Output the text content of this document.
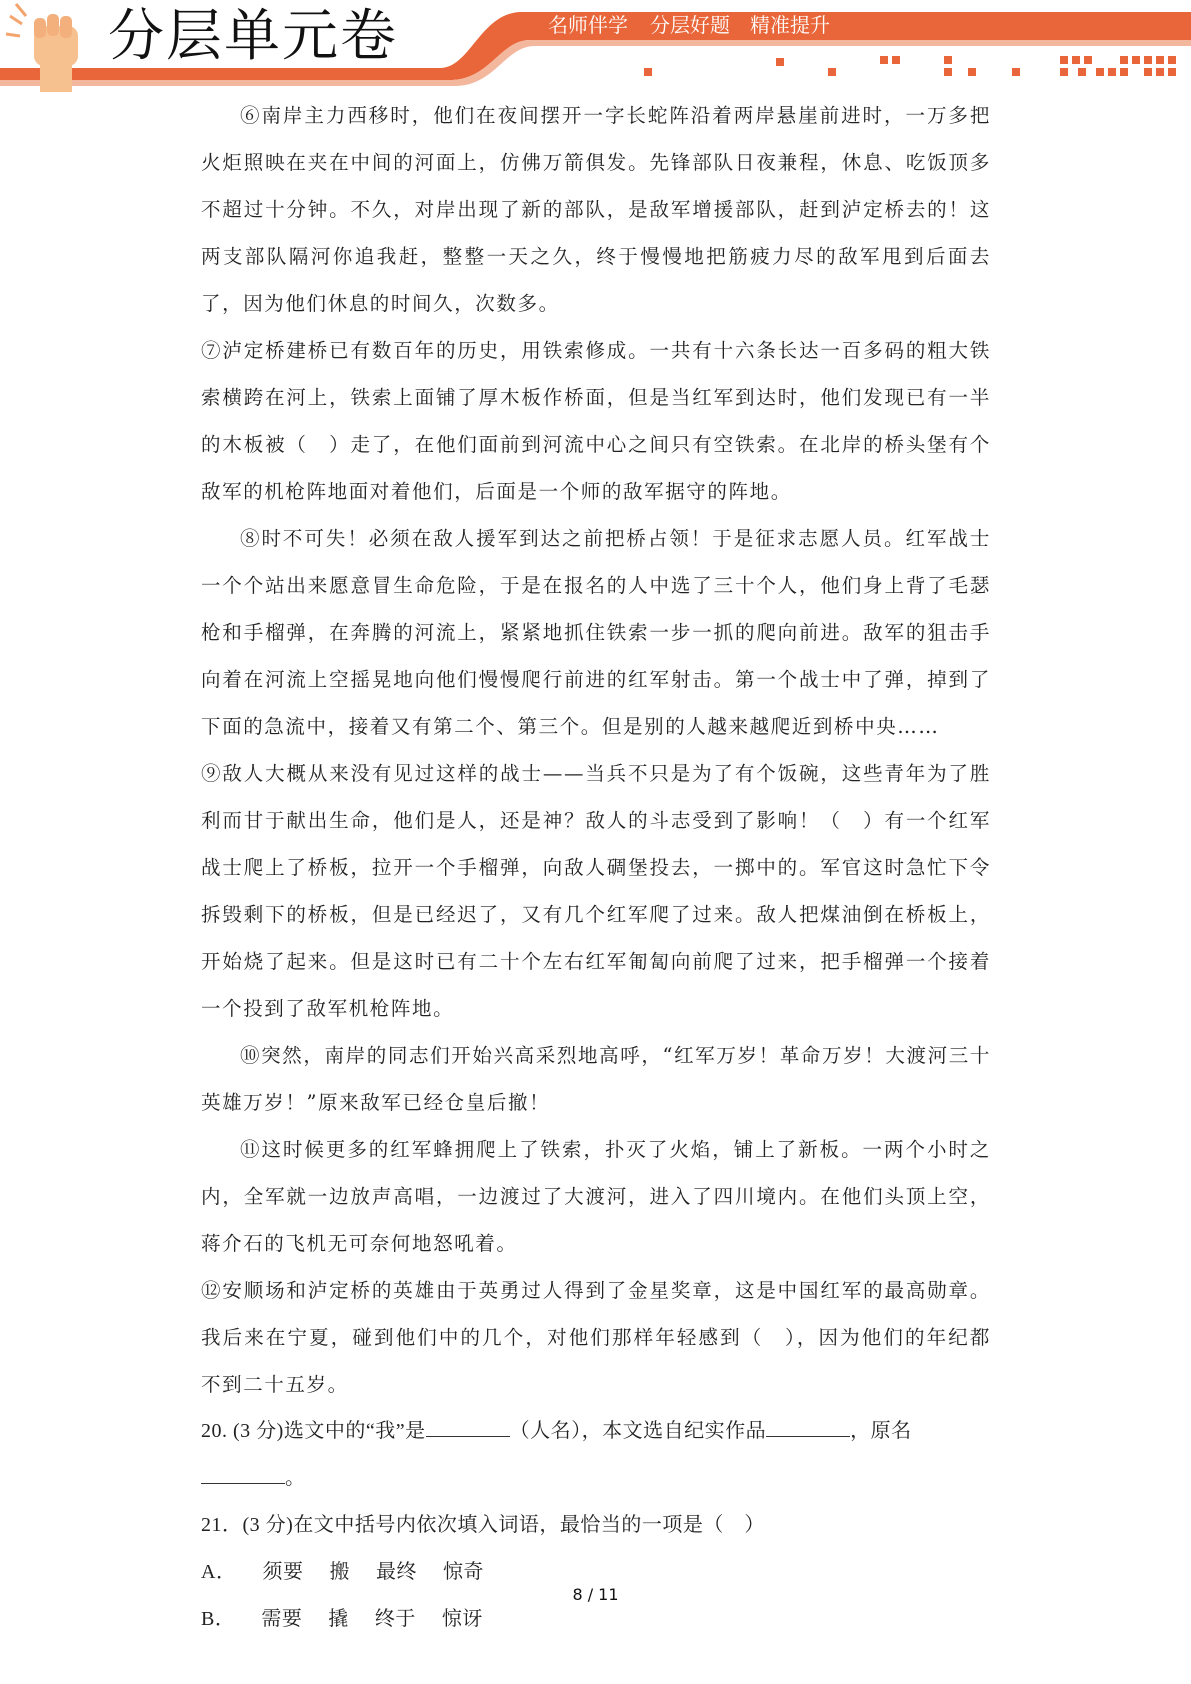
分层单元卷	名师伴学 分层好题 精准提升

⑥南岸主力西移时，他们在夜间摆开一字长蛇阵沿着两岸悬崖前进时，一万多把火炬照映在夹在中间的河面上，仿佛万箭俱发。先锋部队日夜兼程，休息、吃饭顶多不超过十分钟。不久，对岸出现了新的部队，是敌军增援部队，赶到泸定桥去的！这两支部队隔河你追我赶，整整一天之久，终于慢慢地把筋疲力尽的敌军甩到后面去了，因为他们休息的时间久，次数多。

⑦泸定桥建桥已有数百年的历史，用铁索修成。一共有十六条长达一百多码的粗大铁索横跨在河上，铁索上面铺了厚木板作桥面，但是当红军到达时，他们发现已有一半的木板被（　）走了，在他们面前到河流中心之间只有空铁索。在北岸的桥头堡有个敌军的机枪阵地面对着他们，后面是一个师的敌军据守的阵地。

⑧时不可失！必须在敌人援军到达之前把桥占领！于是征求志愿人员。红军战士一个个站出来愿意冒生命危险，于是在报名的人中选了三十个人，他们身上背了毛瑟枪和手榴弹，在奔腾的河流上，紧紧地抓住铁索一步一抓的爬向前进。敌军的狙击手向着在河流上空摇晃地向他们慢慢爬行前进的红军射击。第一个战士中了弹，掉到了下面的急流中，接着又有第二个、第三个。但是别的人越来越爬近到桥中央……

⑨敌人大概从来没有见过这样的战士——当兵不只是为了有个饭碗，这些青年为了胜利而甘于献出生命，他们是人，还是神？敌人的斗志受到了影响！（　）有一个红军战士爬上了桥板，拉开一个手榴弹，向敌人碉堡投去，一掷中的。军官这时急忙下令拆毁剩下的桥板，但是已经迟了，又有几个红军爬了过来。敌人把煤油倒在桥板上，开始烧了起来。但是这时已有二十个左右红军匍匐向前爬了过来，把手榴弹一个接着一个投到了敌军机枪阵地。

⑩突然，南岸的同志们开始兴高采烈地高呼，“红军万岁！革命万岁！大渡河三十英雄万岁！”原来敌军已经仓皇后撤！

⑪这时候更多的红军蜂拥爬上了铁索，扑灭了火焰，铺上了新板。一两个小时之内，全军就一边放声高唱，一边渡过了大渡河，进入了四川境内。在他们头顶上空，蒋介石的飞机无可奈何地怒吼着。

⑫安顺场和泸定桥的英雄由于英勇过人得到了金星奖章，这是中国红军的最高勋章。我后来在宁夏，碰到他们中的几个，对他们那样年轻感到（　），因为他们的年纪都不到二十五岁。

20. (3 分)选文中的“我”是	（人名），本文选自纪实作品	，原名。

21．(3 分)在文中括号内依次填入词语，最恰当的一项是（　）

A． 须要 搬 最终 惊奇

B． 需要 撬 终于 惊讶

8 / 11
